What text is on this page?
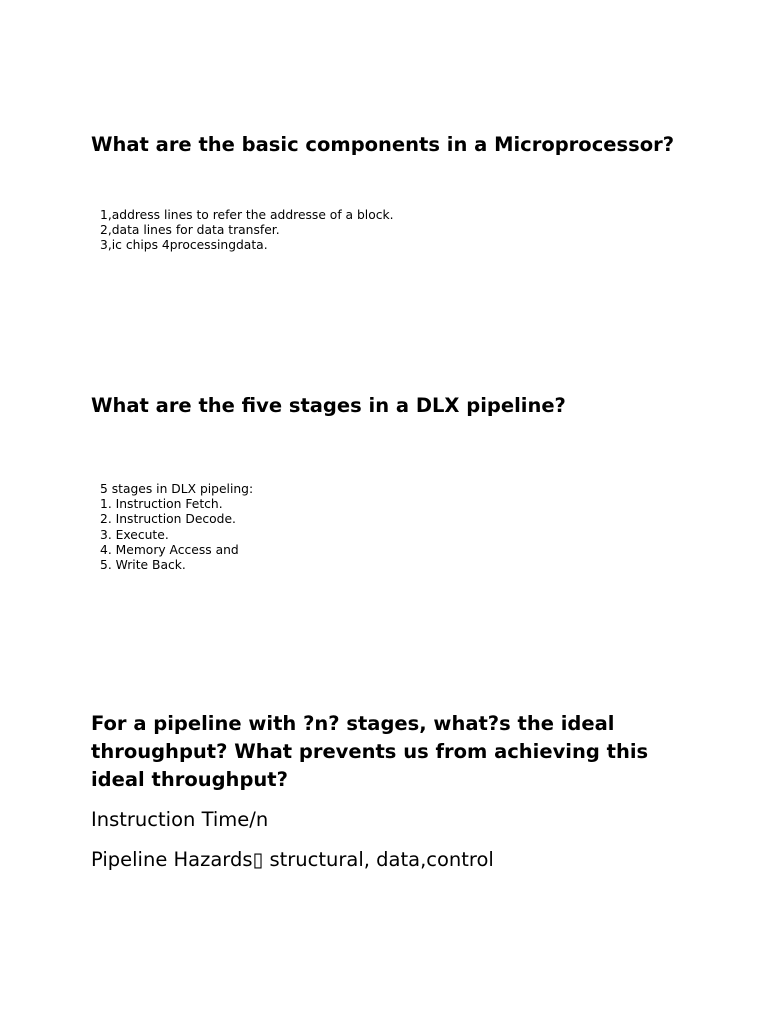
What are the basic components in a Microprocessor?
1,address lines to refer the addresse of a block.
2,data lines for data transfer.
3,ic chips 4processingdata.
What are the five stages in a DLX pipeline?
5 stages in DLX pipeling:
1. Instruction Fetch.
2. Instruction Decode.
3. Execute.
4. Memory Access and
5. Write Back.
For a pipeline with ?n? stages, what?s the ideal throughput? What prevents us from achieving this ideal throughput?

Instruction Time/n

Pipeline Hazards▯ structural, data,control
